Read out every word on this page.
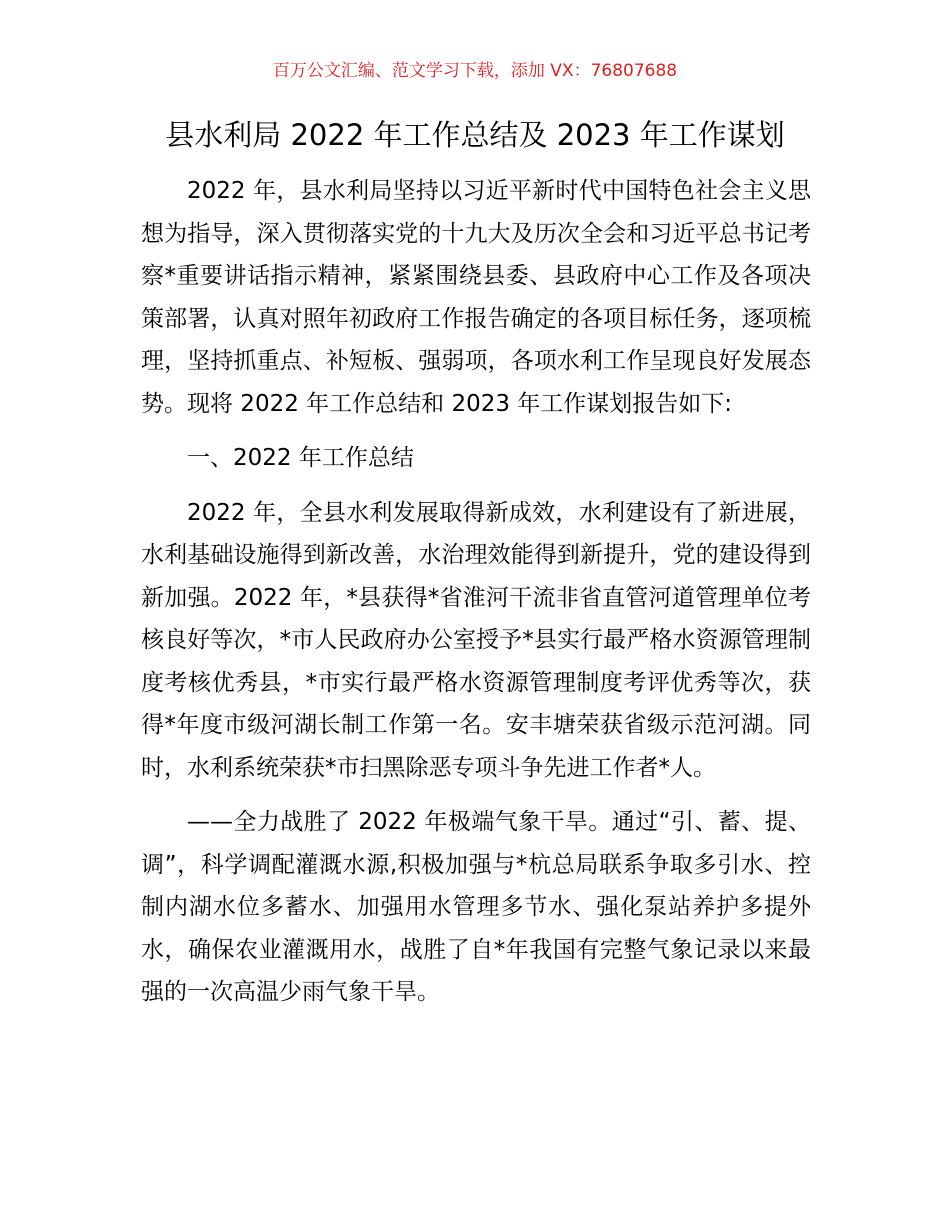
百万公文汇编、范文学习下载，添加 VX：76807688
县水利局 2022 年工作总结及 2023 年工作谋划

2022 年，县水利局坚持以习近平新时代中国特色社会主义思想为指导，深入贯彻落实党的十九大及历次全会和习近平总书记考察*重要讲话指示精神，紧紧围绕县委、县政府中心工作及各项决策部署，认真对照年初政府工作报告确定的各项目标任务，逐项梳理，坚持抓重点、补短板、强弱项，各项水利工作呈现良好发展态势。现将 2022 年工作总结和 2023 年工作谋划报告如下:

一、2022 年工作总结

2022 年，全县水利发展取得新成效，水利建设有了新进展，水利基础设施得到新改善，水治理效能得到新提升，党的建设得到新加强。2022 年，*县获得*省淮河干流非省直管河道管理单位考核良好等次，*市人民政府办公室授予*县实行最严格水资源管理制度考核优秀县，*市实行最严格水资源管理制度考评优秀等次，获得*年度市级河湖长制工作第一名。安丰塘荣获省级示范河湖。同时，水利系统荣获*市扫黑除恶专项斗争先进工作者*人。

——全力战胜了 2022 年极端气象干旱。通过“引、蓄、提、调”，科学调配灌溉水源,积极加强与*杭总局联系争取多引水、控制内湖水位多蓄水、加强用水管理多节水、强化泵站养护多提外水，确保农业灌溉用水，战胜了自*年我国有完整气象记录以来最强的一次高温少雨气象干旱。
